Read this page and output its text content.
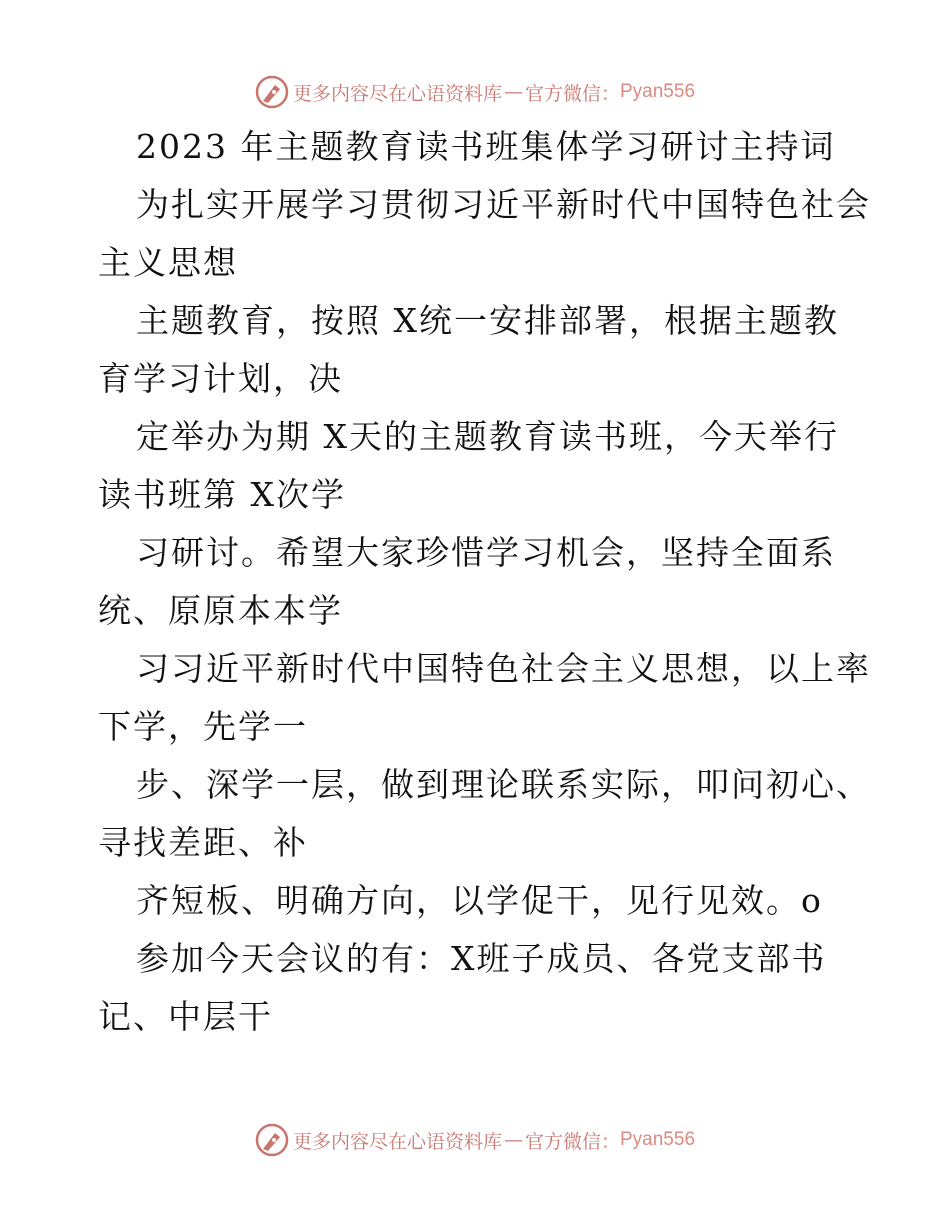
更多内容尽在心语资料库 — 官方微信： Pyan556
2023 年主题教育读书班集体学习研讨主持词
为扎实开展学习贯彻习近平新时代中国特色社会
主义思想
主题教育，按照 X统一安排部署，根据主题教
育学习计划，决
定举办为期 X天的主题教育读书班，今天举行
读书班第 X次学
习研讨。希望大家珍惜学习机会，坚持全面系
统、原原本本学
习习近平新时代中国特色社会主义思想，以上率
下学，先学一
步、深学一层，做到理论联系实际，叩问初心、
寻找差距、补
齐短板、明确方向，以学促干，见行见效。o
参加今天会议的有：X班子成员、各党支部书
记、中层干
更多内容尽在心语资料库 — 官方微信： Pyan556
